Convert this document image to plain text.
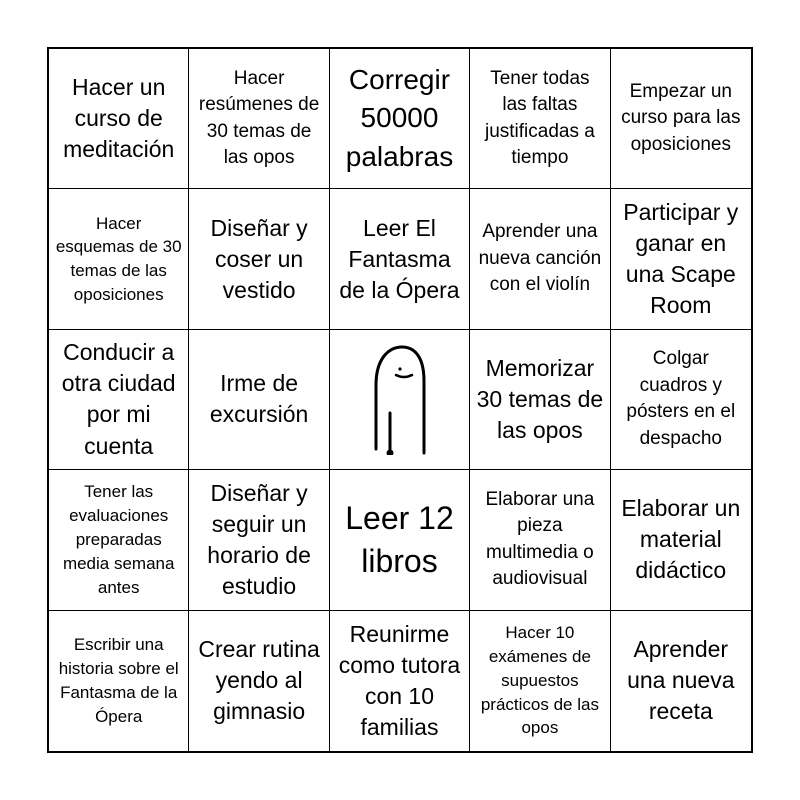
Hacer un curso de meditación
Hacer resúmenes de 30 temas de las opos
Corregir 50000 palabras
Tener todas las faltas justificadas a tiempo
Empezar un curso para las oposiciones
Hacer esquemas de 30 temas de las oposiciones
Diseñar y coser un vestido
Leer El Fantasma de la Ópera
Aprender una nueva canción con el violín
Participar y ganar en una Scape Room
Conducir a otra ciudad por mi cuenta
Irme de excursión
Memorizar 30 temas de las opos
Colgar cuadros y pósters en el despacho
Tener las evaluaciones preparadas media semana antes
Diseñar y seguir un horario de estudio
Leer 12 libros
Elaborar una pieza multimedia o audiovisual
Elaborar un material didáctico
Escribir una historia sobre el Fantasma de la Ópera
Crear rutina yendo al gimnasio
Reunirme como tutora con 10 familias
Hacer 10 exámenes de supuestos prácticos de las opos
Aprender una nueva receta
